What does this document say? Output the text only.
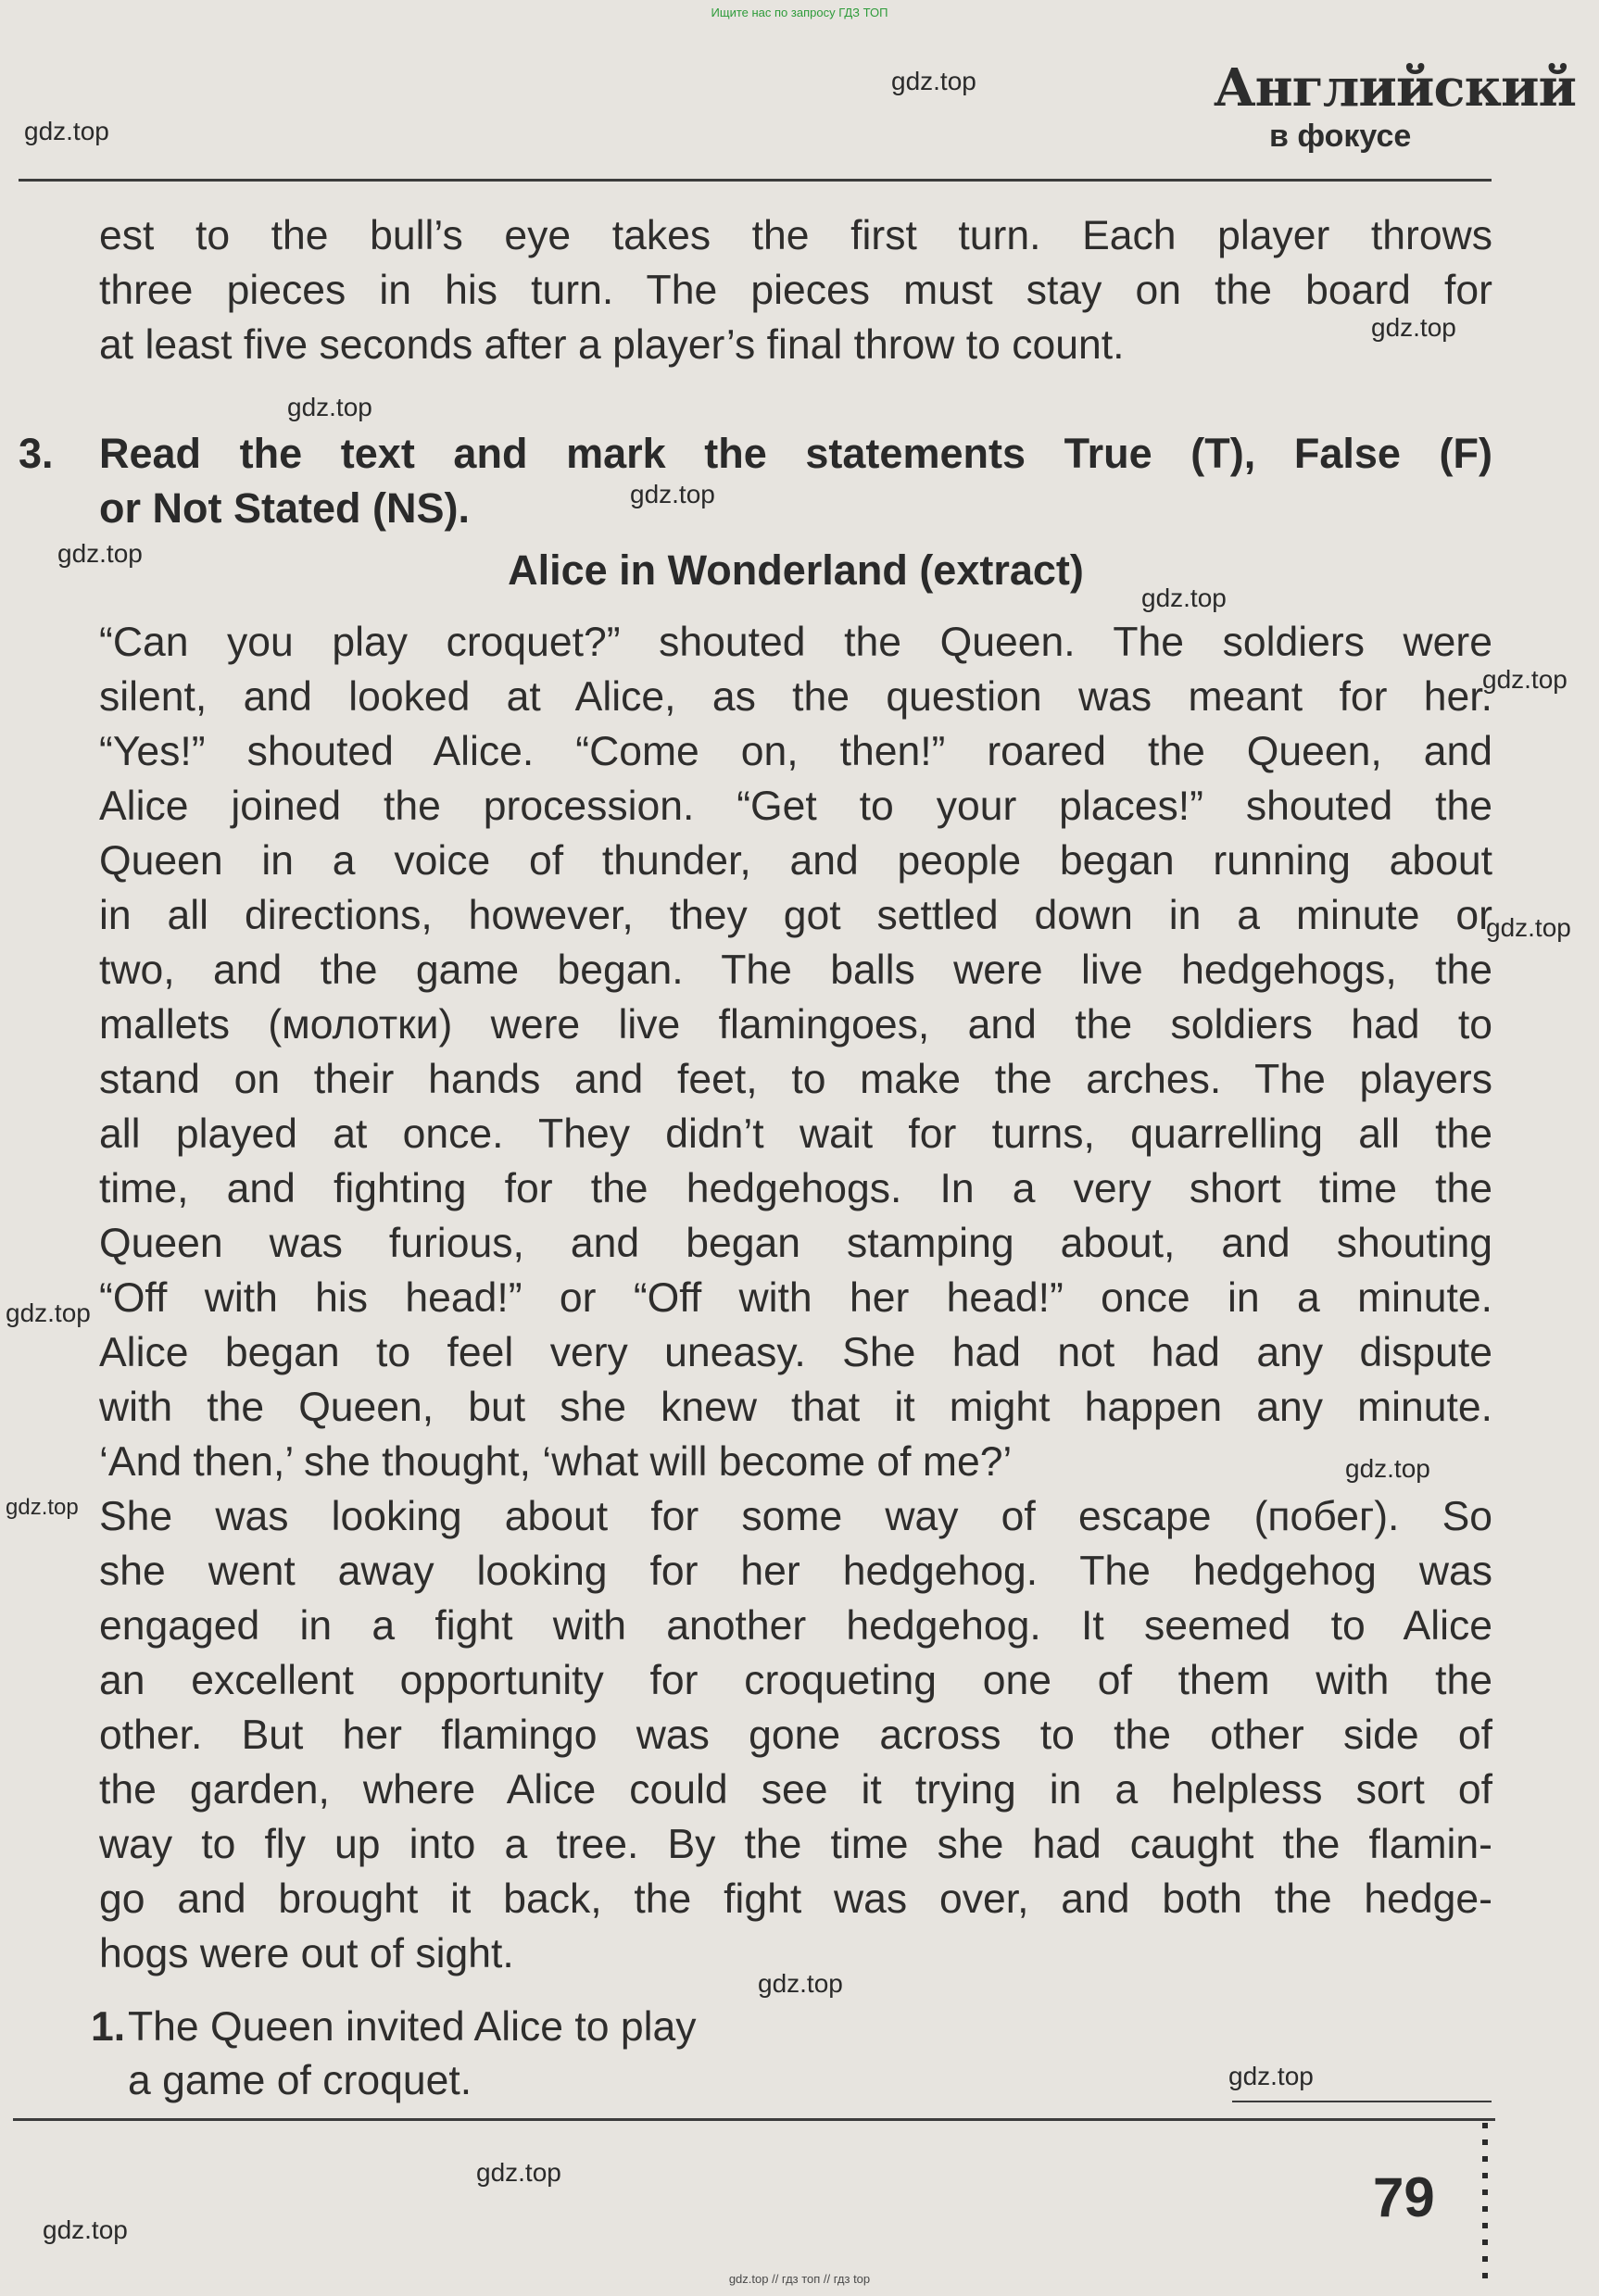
Ищите нас по запросу ГДЗ ТОП
Английский
в фокусе
gdz.top
gdz.top
gdz.top
gdz.top
gdz.top
gdz.top
gdz.top
gdz.top
gdz.top
gdz.top
gdz.top
gdz.top
gdz.top
gdz.top
gdz.top
gdz.top
est to the bull’s eye takes the first turn. Each player throws
three pieces in his turn. The pieces must stay on the board for
at least five seconds after a player’s final throw to count.
3. Read the text and mark the statements True (T), False (F)
or Not Stated (NS).
Alice in Wonderland (extract)
“Can you play croquet?” shouted the Queen. The soldiers were
silent, and looked at Alice, as the question was meant for her.
“Yes!” shouted Alice. “Come on, then!” roared the Queen, and
Alice joined the procession. “Get to your places!” shouted the
Queen in a voice of thunder, and people began running about
in all directions, however, they got settled down in a minute or
two, and the game began. The balls were live hedgehogs, the
mallets (молотки) were live flamingoes, and the soldiers had to
stand on their hands and feet, to make the arches. The players
all played at once. They didn’t wait for turns, quarrelling all the
time, and fighting for the hedgehogs. In a very short time the
Queen was furious, and began stamping about, and shouting
“Off with his head!” or “Off with her head!” once in a minute.
Alice began to feel very uneasy. She had not had any dispute
with the Queen, but she knew that it might happen any minute.
‘And then,’ she thought, ‘what will become of me?’
She was looking about for some way of escape (побег). So
she went away looking for her hedgehog. The hedgehog was
engaged in a fight with another hedgehog. It seemed to Alice
an excellent opportunity for croqueting one of them with the
other. But her flamingo was gone across to the other side of
the garden, where Alice could see it trying in a helpless sort of
way to fly up into a tree. By the time she had caught the flamin-
go and brought it back, the fight was over, and both the hedge-
hogs were out of sight.
1. The Queen invited Alice to play
a game of croquet.
79
gdz.top // гдз топ // гдз top
